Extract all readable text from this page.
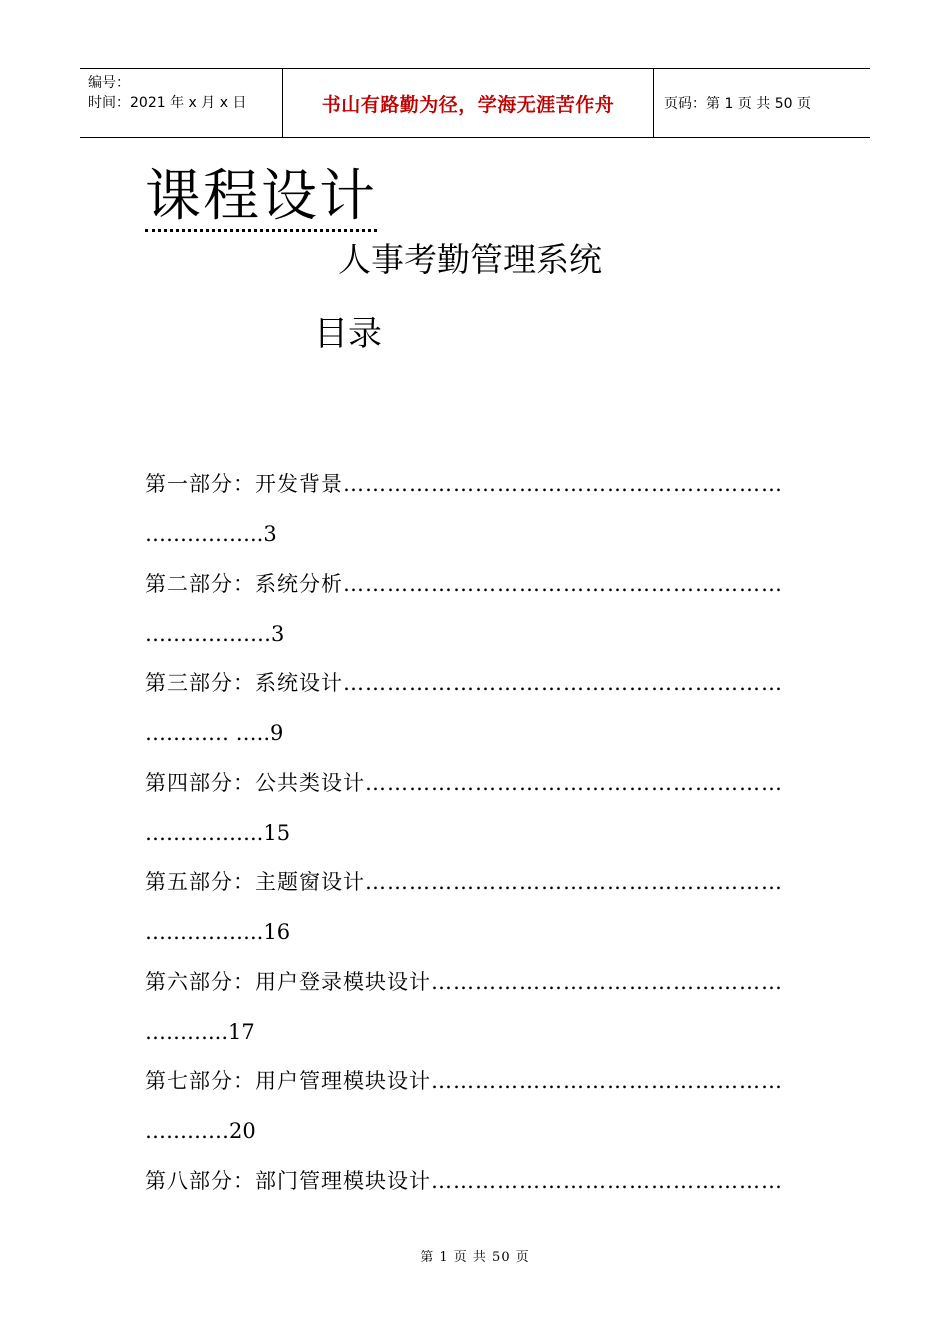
编号：
时间：2021 年 x 月 x 日	书山有路勤为径，学海无涯苦作舟	页码：第 1 页 共 50 页
课程设计
人事考勤管理系统
目录
第一部分：开发背景……………………………………………………
……………..3
第二部分：系统分析……………………………………………………
………………3
第三部分：系统设计……………………………………………………
………… …..9
第四部分：公共类设计…………………………………………………
……………..15
第五部分：主题窗设计…………………………………………………
……………..16
第六部分：用户登录模块设计…………………………………………
………...17
第七部分：用户管理模块设计…………………………………………
…………20
第八部分：部门管理模块设计…………………………………………
第 1 页 共 50 页
